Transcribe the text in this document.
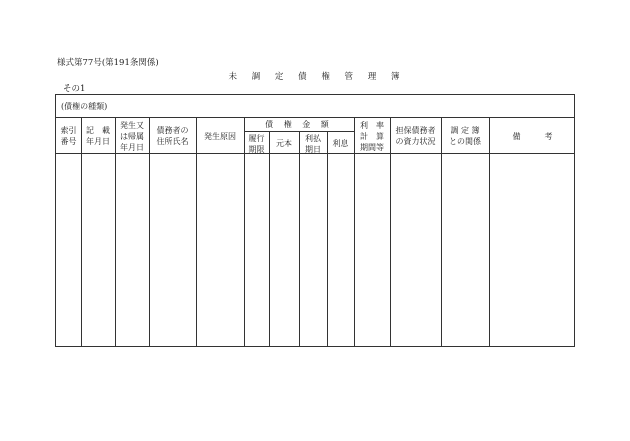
様式第77号(第191条関係)
未 調 定 債 権 管 理 簿
その1
(債権の種類)
索引
番号
記　載
年月日
発生又
は帰属
年月日
債務者の
住所氏名
発生原因
債 権 金 額
履行
期限
元本
利払
期日
利息
利　率
計　算
期間等
担保債務者
の資力状況
調 定 簿
との関係
備　　　考
